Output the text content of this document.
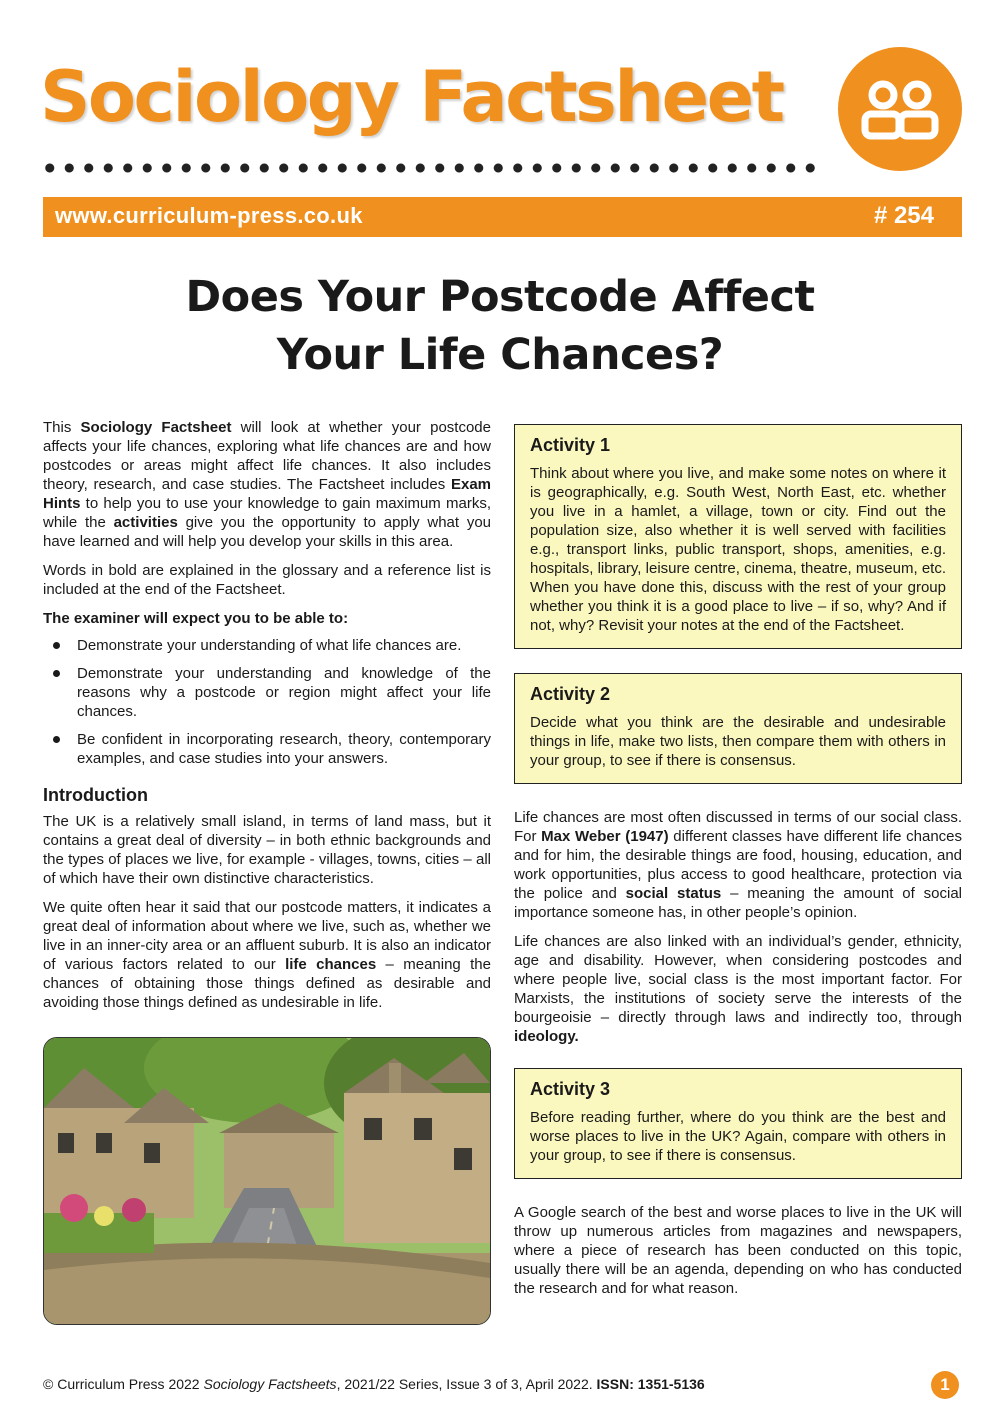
Sociology Factsheet
www.curriculum-press.co.uk	# 254
Does Your Postcode Affect
Your Life Chances?

This Sociology Factsheet will look at whether your postcode affects your life chances, exploring what life chances are and how postcodes or areas might affect life chances. It also includes theory, research, and case studies. The Factsheet includes Exam Hints to help you to use your knowledge to gain maximum marks, while the activities give you the opportunity to apply what you have learned and will help you develop your skills in this area.

Words in bold are explained in the glossary and a reference list is included at the end of the Factsheet.

The examiner will expect you to be able to:
Demonstrate your understanding of what life chances are.
Demonstrate your understanding and knowledge of the reasons why a postcode or region might affect your life chances.
Be confident in incorporating research, theory, contemporary examples, and case studies into your answers.
Introduction

The UK is a relatively small island, in terms of land mass, but it contains a great deal of diversity – in both ethnic backgrounds and the types of places we live, for example - villages, towns, cities – all of which have their own distinctive characteristics.

We quite often hear it said that our postcode matters, it indicates a great deal of information about where we live, such as, whether we live in an inner-city area or an affluent suburb. It is also an indicator of various factors related to our life chances – meaning the chances of obtaining those things defined as desirable and avoiding those things defined as undesirable in life.

Activity 1

Think about where you live, and make some notes on where it is geographically, e.g. South West, North East, etc. whether you live in a hamlet, a village, town or city. Find out the population size, also whether it is well served with facilities e.g., transport links, public transport, shops, amenities, e.g. hospitals, library, leisure centre, cinema, theatre, museum, etc. When you have done this, discuss with the rest of your group whether you think it is a good place to live – if so, why? And if not, why? Revisit your notes at the end of the Factsheet.

Activity 2

Decide what you think are the desirable and undesirable things in life, make two lists, then compare them with others in your group, to see if there is consensus.

Life chances are most often discussed in terms of our social class. For Max Weber (1947) different classes have different life chances and for him, the desirable things are food, housing, education, and work opportunities, plus access to good healthcare, protection via the police and social status – meaning the amount of social importance someone has, in other people’s opinion.

Life chances are also linked with an individual’s gender, ethnicity, age and disability. However, when considering postcodes and where people live, social class is the most important factor. For Marxists, the institutions of society serve the interests of the bourgeoisie – directly through laws and indirectly too, through ideology.

Activity 3

Before reading further, where do you think are the best and worse places to live in the UK? Again, compare with others in your group, to see if there is consensus.

A Google search of the best and worse places to live in the UK will throw up numerous articles from magazines and newspapers, where a piece of research has been conducted on this topic, usually there will be an agenda, depending on who has conducted the research and for what reason.

© Curriculum Press 2022 Sociology Factsheets, 2021/22 Series, Issue 3 of 3, April 2022. ISSN: 1351-5136	1
